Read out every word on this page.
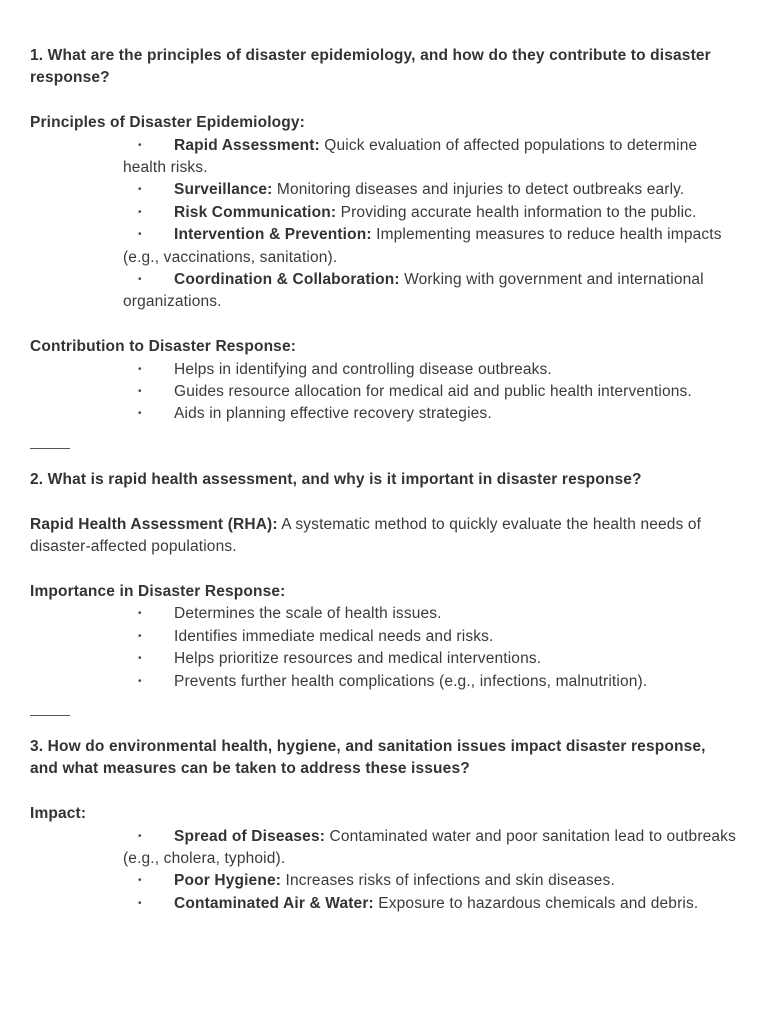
1. What are the principles of disaster epidemiology, and how do they contribute to disaster response?

Principles of Disaster Epidemiology:

• Rapid Assessment: Quick evaluation of affected populations to determine health risks.
• Surveillance: Monitoring diseases and injuries to detect outbreaks early.
• Risk Communication: Providing accurate health information to the public.
• Intervention & Prevention: Implementing measures to reduce health impacts (e.g., vaccinations, sanitation).
• Coordination & Collaboration: Working with government and international organizations.

Contribution to Disaster Response:

• Helps in identifying and controlling disease outbreaks.
• Guides resource allocation for medical aid and public health interventions.
• Aids in planning effective recovery strategies.

2. What is rapid health assessment, and why is it important in disaster response?

Rapid Health Assessment (RHA): A systematic method to quickly evaluate the health needs of disaster-affected populations.

Importance in Disaster Response:

• Determines the scale of health issues.
• Identifies immediate medical needs and risks.
• Helps prioritize resources and medical interventions.
• Prevents further health complications (e.g., infections, malnutrition).

3. How do environmental health, hygiene, and sanitation issues impact disaster response, and what measures can be taken to address these issues?

Impact:

• Spread of Diseases: Contaminated water and poor sanitation lead to outbreaks (e.g., cholera, typhoid).
• Poor Hygiene: Increases risks of infections and skin diseases.
• Contaminated Air & Water: Exposure to hazardous chemicals and debris.
